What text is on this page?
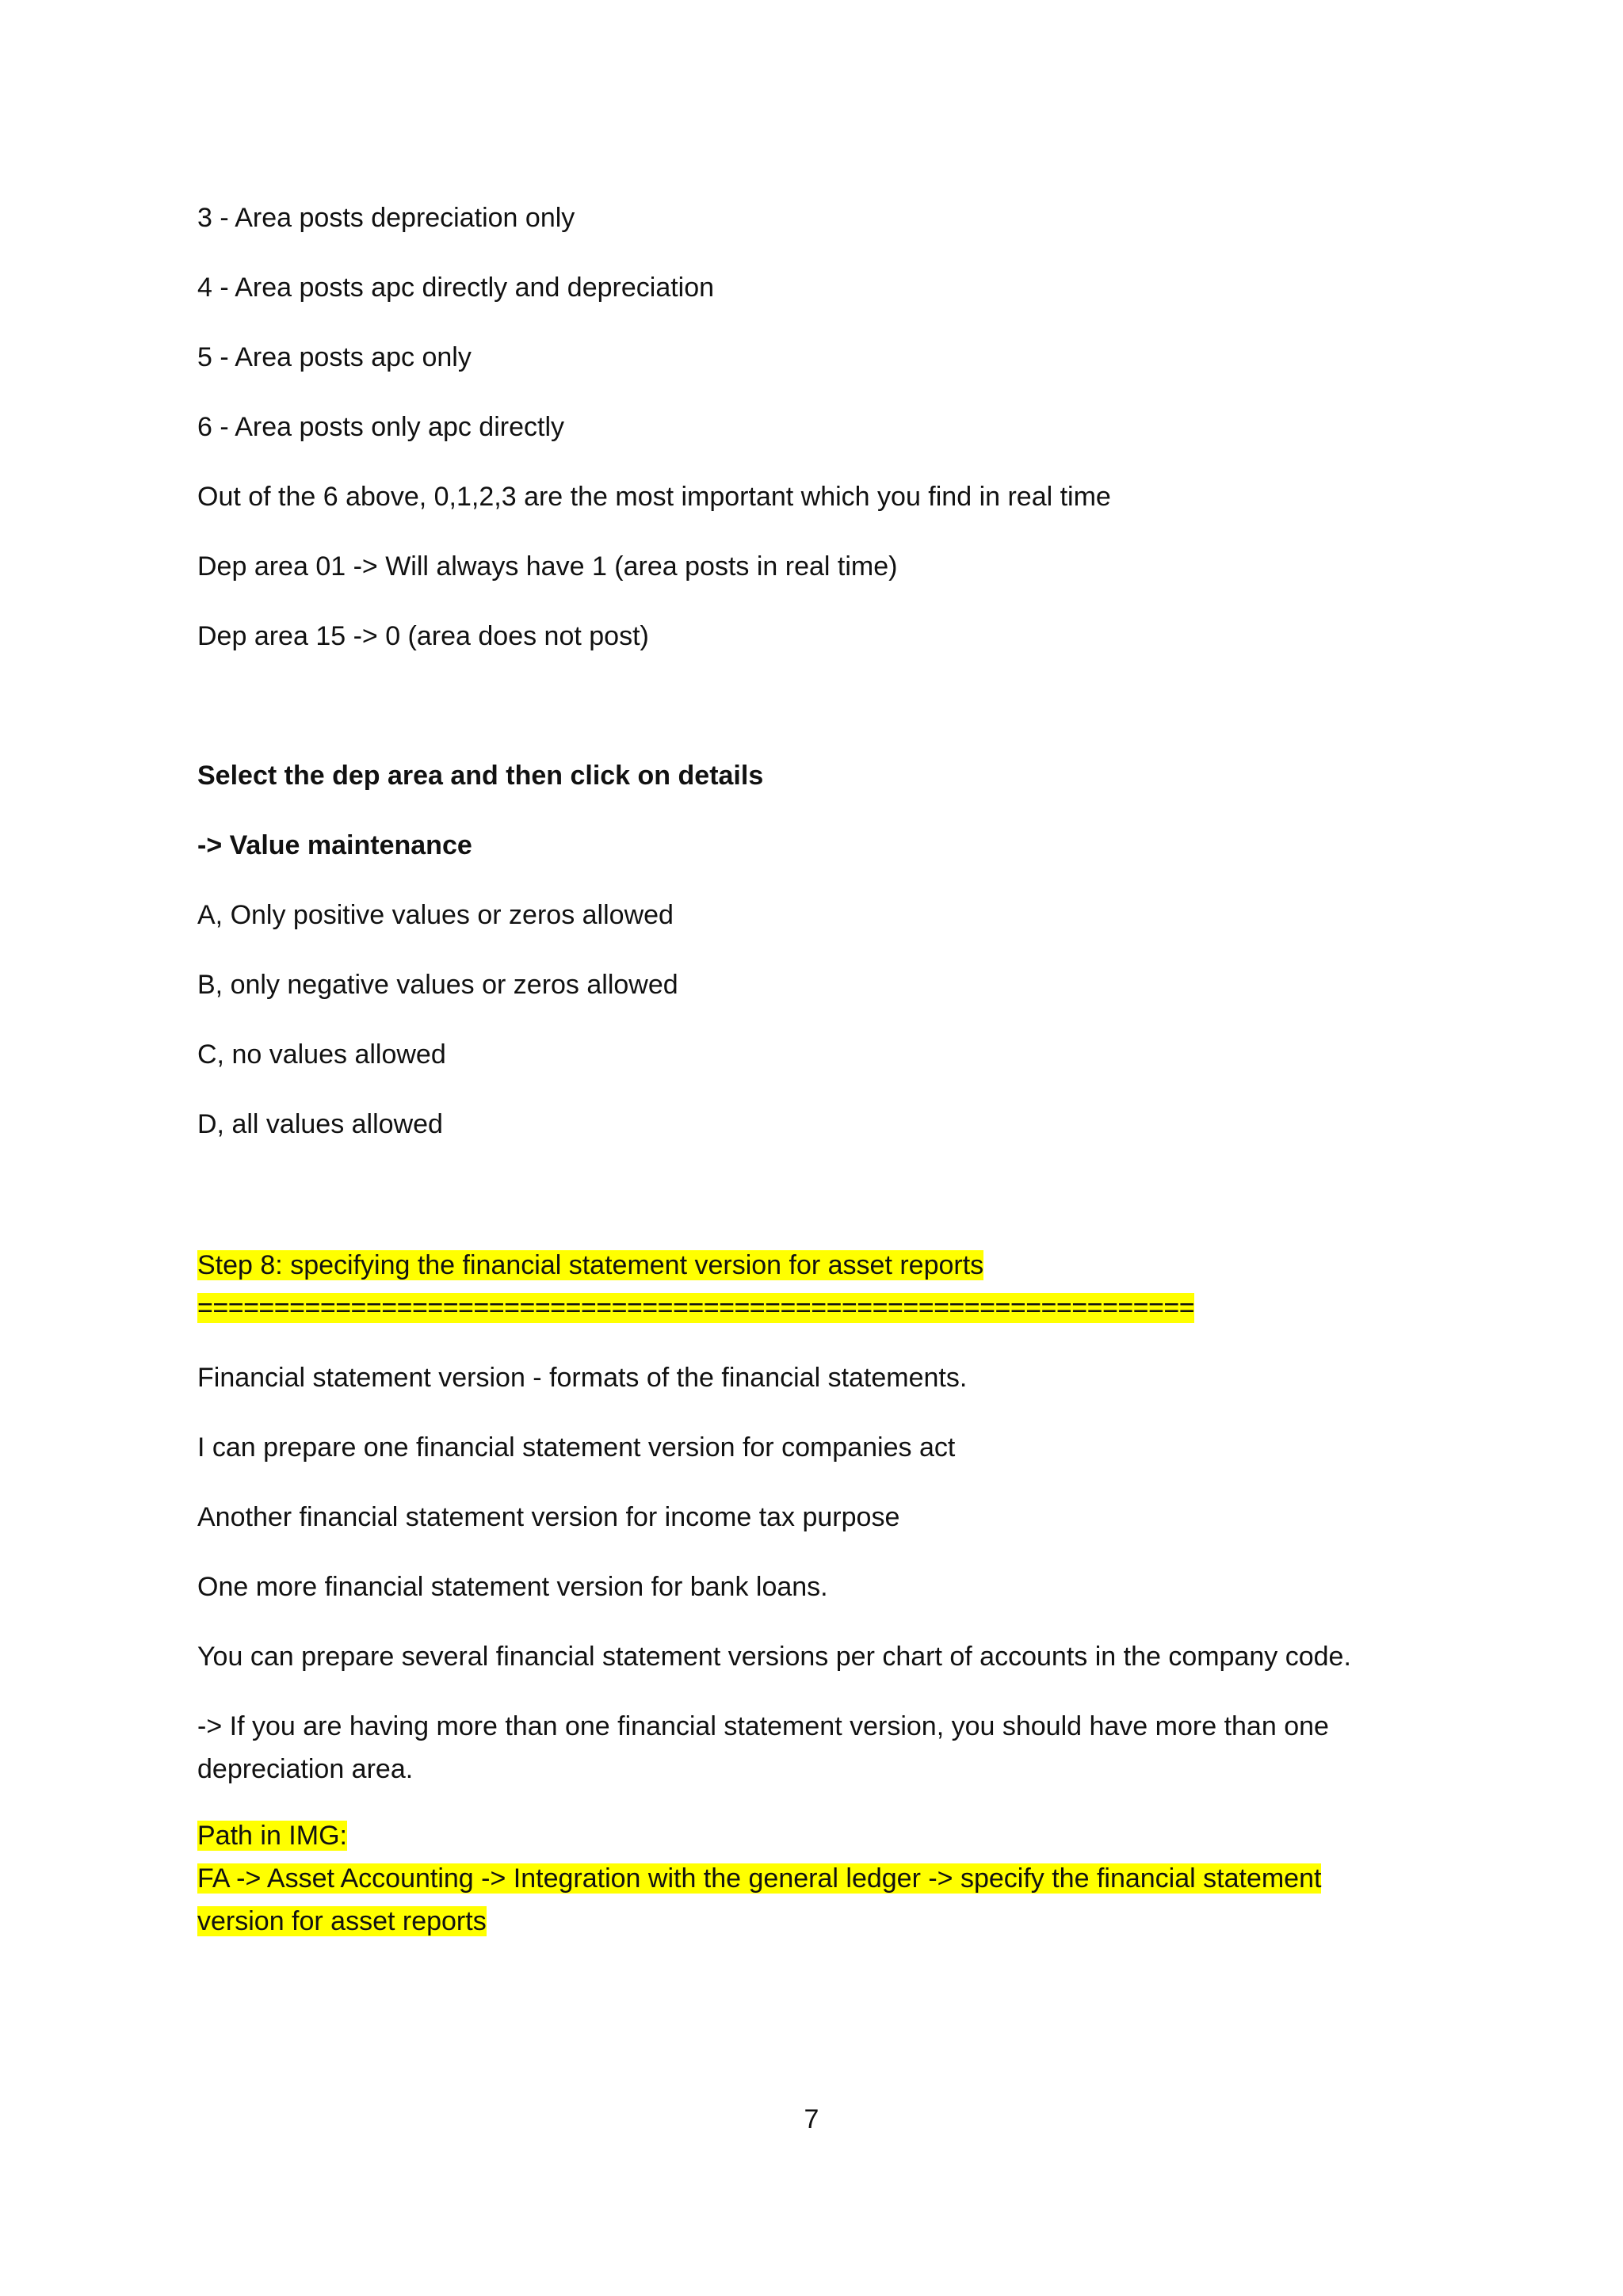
3 - Area posts depreciation only

4 - Area posts apc directly and depreciation

5 - Area posts apc only

6 - Area posts only apc directly

Out of the 6 above, 0,1,2,3 are the most important which you find in real time

Dep area 01 -> Will always have 1 (area posts in real time)

Dep area 15 -> 0 (area does not post)

Select the dep area and then click on details

-> Value maintenance

A, Only positive values or zeros allowed

B, only negative values or zeros allowed

C, no values allowed

D, all values allowed

Step 8: specifying the financial statement version for asset reports

=================================================================

Financial statement version - formats of the financial statements.

I can prepare one financial statement version for companies act

Another financial statement version for income tax purpose

One more financial statement version for bank loans.

You can prepare several financial statement versions per chart of accounts in the company code.

-> If you are having more than one financial statement version, you should have more than one

depreciation area.

Path in IMG:

FA -> Asset Accounting -> Integration with the general ledger -> specify the financial statement

version for asset reports

7
